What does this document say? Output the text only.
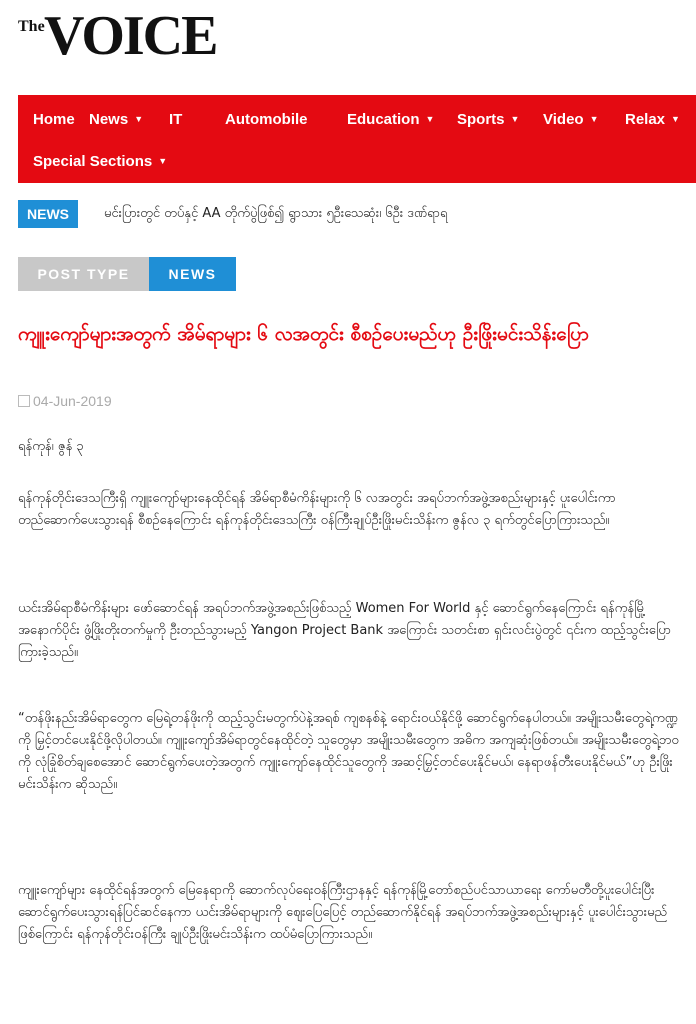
The VOICE
Home News ▼ IT	Automobile	Education ▼ Sports ▼ Video ▼ Relax ▼
Special Sections ▼
NEWS	မင်းပြားတွင် တပ်နှင့် AA တိုက်ပွဲဖြစ်၍ ရွာသား ၅ဦးသေဆုံး၊ ၆ဦး ဒဏ်ရာရ
POST TYPE	NEWS
ကျူးကျော်များအတွက် အိမ်ရာများ ၆ လအတွင်း စီစဉ်ပေးမည်ဟု ဦးဖြိုးမင်းသိန်းပြော
04-Jun-2019

ရန်ကုန်၊ ဇွန် ၃

ရန်ကုန်တိုင်းဒေသကြီးရှိ ကျူးကျော်များနေထိုင်ရန် အိမ်ရာစီမံကိန်းများကို ၆ လအတွင်း အရပ်ဘက်အဖွဲ့အစည်းများနှင့် ပူးပေါင်းကာ တည်ဆောက်ပေးသွားရန် စီစဉ်နေကြောင်း ရန်ကုန်တိုင်းဒေသကြီး ဝန်ကြီးချုပ်ဦးဖြိုးမင်းသိန်းက ဇွန်လ ၃ ရက်တွင်ပြောကြားသည်။

ယင်းအိမ်ရာစီမံကိန်းများ ဖော်ဆောင်ရန် အရပ်ဘက်အဖွဲ့အစည်းဖြစ်သည့် Women For World နှင့် ဆောင်ရွက်နေကြောင်း ရန်ကုန်မြို့အနောက်ပိုင်း ဖွံ့ဖြိုးတိုးတက်မှုကို ဦးတည်သွားမည့် Yangon Project Bank အကြောင်း သတင်းစာ ရှင်းလင်းပွဲတွင် ၎င်းက ထည့်သွင်းပြောကြားခဲ့သည်။

“တန်ဖိုးနည်းအိမ်ရာတွေက မြေရဲ့တန်ဖိုးကို ထည့်သွင်းမတွက်ပဲနဲ့အရစ် ကျစနစ်နဲ့ ရောင်းဝယ်နိုင်ဖို့ ဆောင်ရွက်နေပါတယ်။ အမျိုးသမီးတွေရဲ့ကဏ္ဍကို မြှင့်တင်ပေးနိုင်ဖို့လိုပါတယ်။ ကျူးကျော်အိမ်ရာတွင်နေထိုင်တဲ့ သူတွေမှာ အမျိုးသမီးတွေက အဓိက အကျဆုံးဖြစ်တယ်။ အမျိုးသမီးတွေရဲ့ဘဝကို လုံခြုံစိတ်ချစေအောင် ဆောင်ရွက်ပေးတဲ့အတွက် ကျူးကျော်နေထိုင်သူတွေကို အဆင့်မြှင့်တင်ပေးနိုင်မယ်၊ နေရာဖန်တီးပေးနိုင်မယ်”ဟု ဦးဖြိုးမင်းသိန်းက ဆိုသည်။

ကျူးကျော်များ နေထိုင်ရန်အတွက် မြေနေရာကို ဆောက်လုပ်ရေးဝန်ကြီးဌာနနှင့် ရန်ကုန်မြို့တော်စည်ပင်သာယာရေး ကော်မတီတို့ပူးပေါင်းပြီး ဆောင်ရွက်ပေးသွားရန်ပြင်ဆင်နေကာ ယင်းအိမ်ရာများကို ဈေးပြေပြေင့် တည်ဆောက်နိုင်ရန် အရပ်ဘက်အဖွဲ့အစည်းများနှင့် ပူးပေါင်းသွားမည်ဖြစ်ကြောင်း ရန်ကုန်တိုင်းဝန်ကြီး ချုပ်ဦးဖြိုးမင်းသိန်းက ထပ်မံပြောကြားသည်။
